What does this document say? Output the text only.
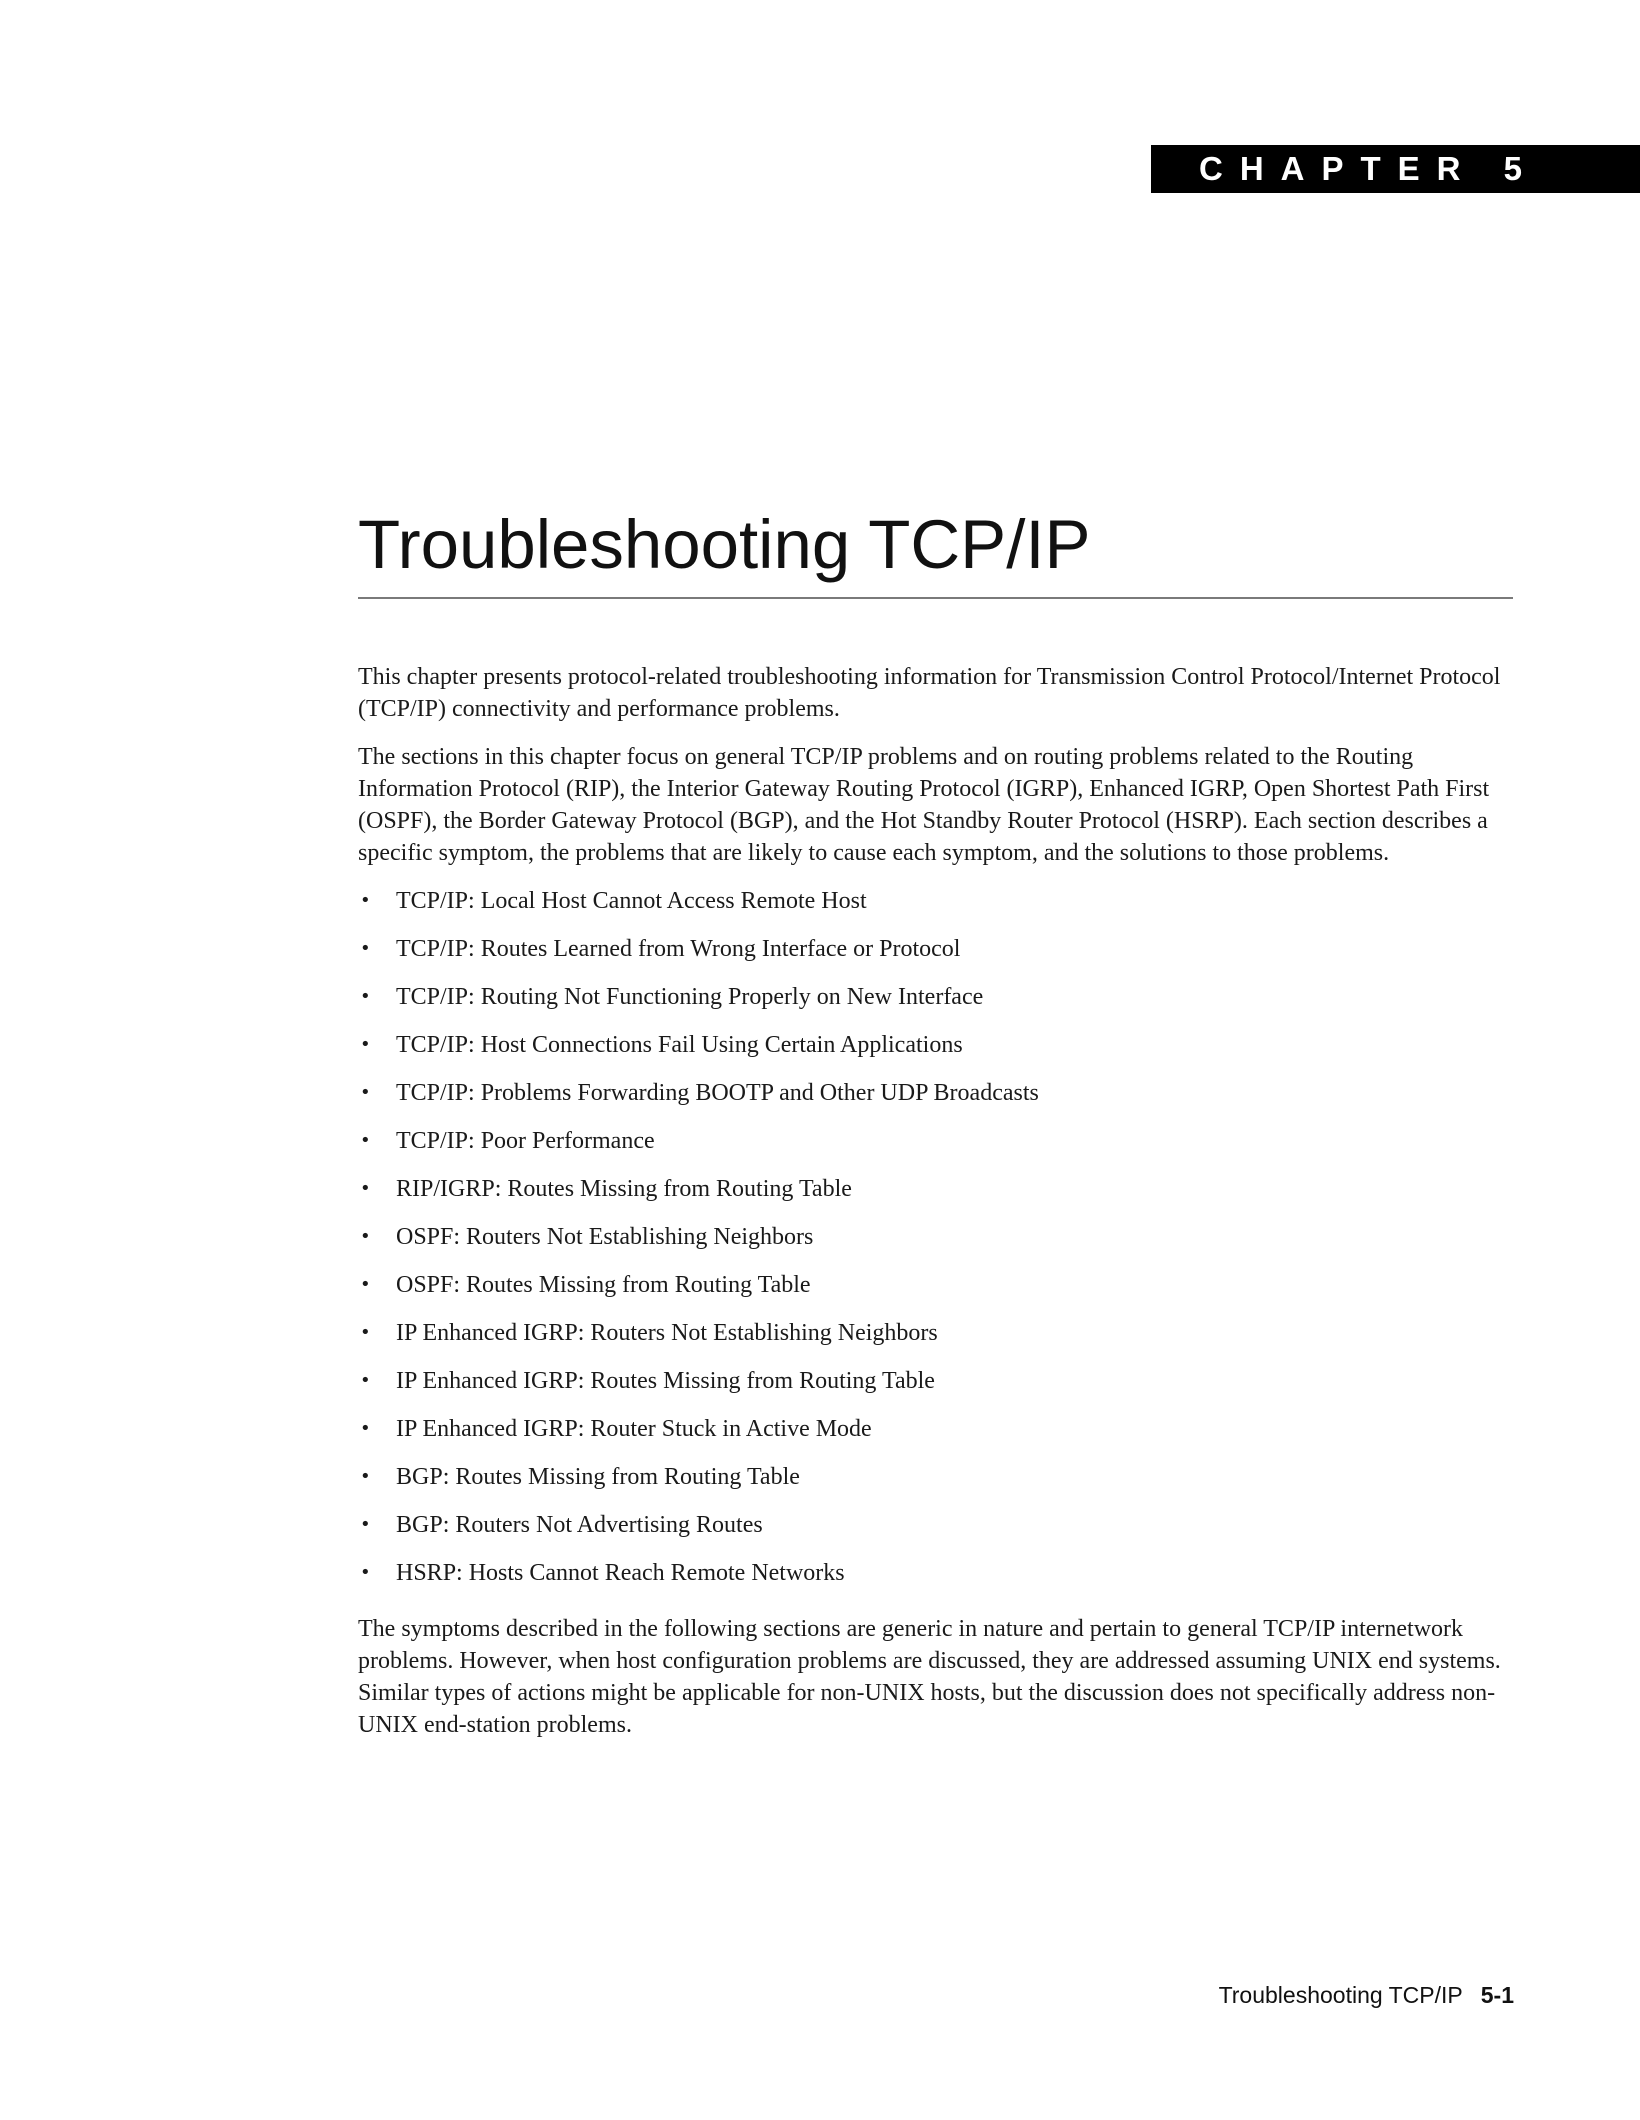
CHAPTER 5
Troubleshooting TCP/IP

This chapter presents protocol-related troubleshooting information for Transmission Control Protocol/Internet Protocol (TCP/IP) connectivity and performance problems.

The sections in this chapter focus on general TCP/IP problems and on routing problems related to the Routing Information Protocol (RIP), the Interior Gateway Routing Protocol (IGRP), Enhanced IGRP, Open Shortest Path First (OSPF), the Border Gateway Protocol (BGP), and the Hot Standby Router Protocol (HSRP). Each section describes a specific symptom, the problems that are likely to cause each symptom, and the solutions to those problems.

• TCP/IP: Local Host Cannot Access Remote Host
• TCP/IP: Routes Learned from Wrong Interface or Protocol
• TCP/IP: Routing Not Functioning Properly on New Interface
• TCP/IP: Host Connections Fail Using Certain Applications
• TCP/IP: Problems Forwarding BOOTP and Other UDP Broadcasts
• TCP/IP: Poor Performance
• RIP/IGRP: Routes Missing from Routing Table
• OSPF: Routers Not Establishing Neighbors
• OSPF: Routes Missing from Routing Table
• IP Enhanced IGRP: Routers Not Establishing Neighbors
• IP Enhanced IGRP: Routes Missing from Routing Table
• IP Enhanced IGRP: Router Stuck in Active Mode
• BGP: Routes Missing from Routing Table
• BGP: Routers Not Advertising Routes
• HSRP: Hosts Cannot Reach Remote Networks

The symptoms described in the following sections are generic in nature and pertain to general TCP/IP internetwork problems. However, when host configuration problems are discussed, they are addressed assuming UNIX end systems. Similar types of actions might be applicable for non-UNIX hosts, but the discussion does not specifically address non-UNIX end-station problems.

Troubleshooting TCP/IP 5-1
